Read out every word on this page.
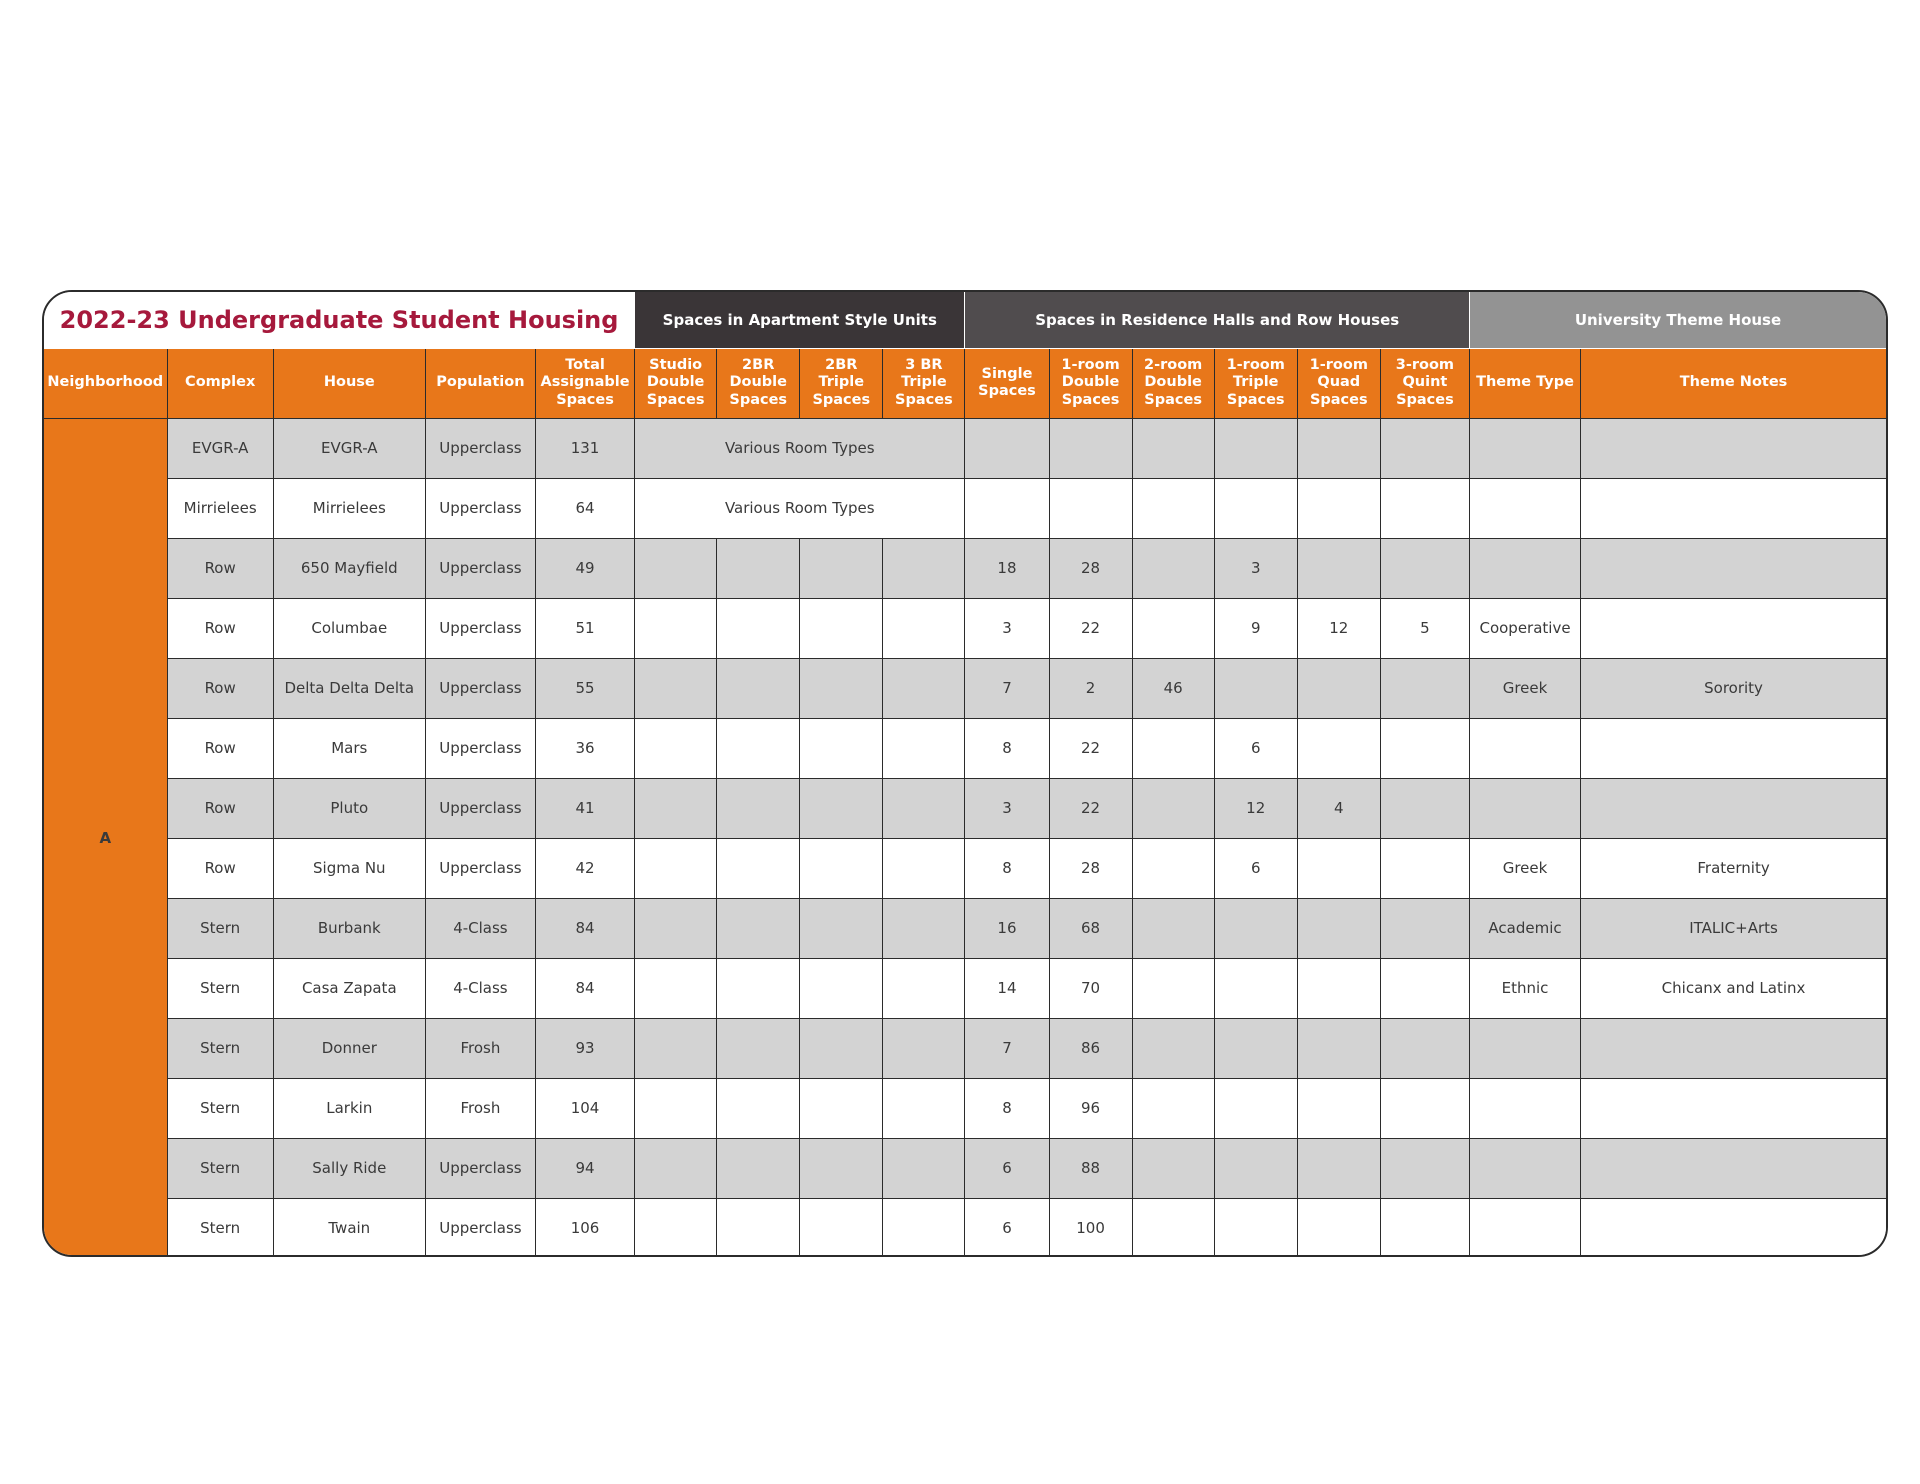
2022-23 Undergraduate Student Housing					Spaces in Apartment Style Units				Spaces in Residence Halls and Row Houses						University Theme House	
Neighborhood	Complex	House	Population	Total Assignable Spaces	Studio Double Spaces	2BR Double Spaces	2BR Triple Spaces	3 BR Triple Spaces	Single Spaces	1-room Double Spaces	2-room Double Spaces	1-room Triple Spaces	1-room Quad Spaces	3-room Quint Spaces	Theme Type	Theme Notes
A	EVGR-A	EVGR-A	Upperclass	131	Various Room Types											
	Mirrielees	Mirrielees	Upperclass	64	Various Room Types											
	Row	650 Mayfield	Upperclass	49					18	28		3				
	Row	Columbae	Upperclass	51					3	22		9	12	5	Cooperative	
	Row	Delta Delta Delta	Upperclass	55					7	2	46				Greek	Sorority
	Row	Mars	Upperclass	36					8	22		6				
	Row	Pluto	Upperclass	41					3	22		12	4			
	Row	Sigma Nu	Upperclass	42					8	28		6			Greek	Fraternity
	Stern	Burbank	4-Class	84					16	68					Academic	ITALIC+Arts
	Stern	Casa Zapata	4-Class	84					14	70					Ethnic	Chicanx and Latinx
	Stern	Donner	Frosh	93					7	86						
	Stern	Larkin	Frosh	104					8	96						
	Stern	Sally Ride	Upperclass	94					6	88						
	Stern	Twain	Upperclass	106					6	100						
